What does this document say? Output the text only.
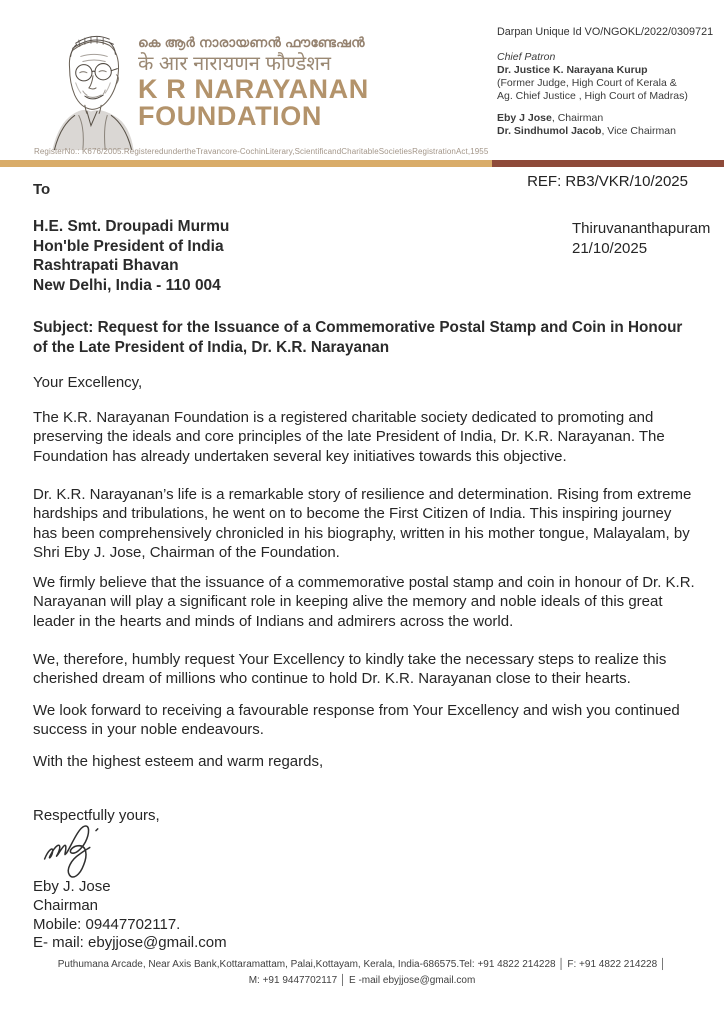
കെ ആർ നാരായണൻ ഫൗണ്ടേഷൻ
के आर नारायणन फौण्डेशन
K R NARAYANAN
FOUNDATION
RegisterNo.: K676/2005.RegisteredundertheTravancore-CochinLiterary,ScientificandCharitableSocietiesRegistrationAct,1955
Darpan Unique Id VO/NGOKL/2022/0309721
Chief Patron
Dr. Justice K. Narayana Kurup
(Former Judge, High Court of Kerala &
Ag. Chief Justice , High Court of Madras)
Eby J Jose, Chairman
Dr. Sindhumol Jacob, Vice Chairman
REF: RB3/VKR/10/2025
To
H.E. Smt. Droupadi Murmu
Hon'ble President of India
Rashtrapati Bhavan
New Delhi, India - 110 004
Thiruvananthapuram
21/10/2025
Subject: Request for the Issuance of a Commemorative Postal Stamp and Coin in Honour of the Late President of India, Dr. K.R. Narayanan
Your Excellency,
The K.R. Narayanan Foundation is a registered charitable society dedicated to promoting and preserving the ideals and core principles of the late President of India, Dr. K.R. Narayanan. The Foundation has already undertaken several key initiatives towards this objective.
Dr. K.R. Narayanan’s life is a remarkable story of resilience and determination. Rising from extreme hardships and tribulations, he went on to become the First Citizen of India. This inspiring journey has been comprehensively chronicled in his biography, written in his mother tongue, Malayalam, by Shri Eby J. Jose, Chairman of the Foundation.
We firmly believe that the issuance of a commemorative postal stamp and coin in honour of Dr. K.R. Narayanan will play a significant role in keeping alive the memory and noble ideals of this great leader in the hearts and minds of Indians and admirers across the world.
We, therefore, humbly request Your Excellency to kindly take the necessary steps to realize this cherished dream of millions who continue to hold Dr. K.R. Narayanan close to their hearts.
We look forward to receiving a favourable response from Your Excellency and wish you continued success in your noble endeavours.
With the highest esteem and warm regards,
Respectfully yours,
Eby J. Jose
Chairman
Mobile: 09447702117.
E- mail: ebyjjose@gmail.com
Puthumana Arcade, Near Axis Bank,Kottaramattam, Palai,Kottayam, Kerala, India-686575.Tel: +91 4822 214228 │ F: +91 4822 214228 │
M: +91 9447702117 │ E -mail ebyjjose@gmail.com
